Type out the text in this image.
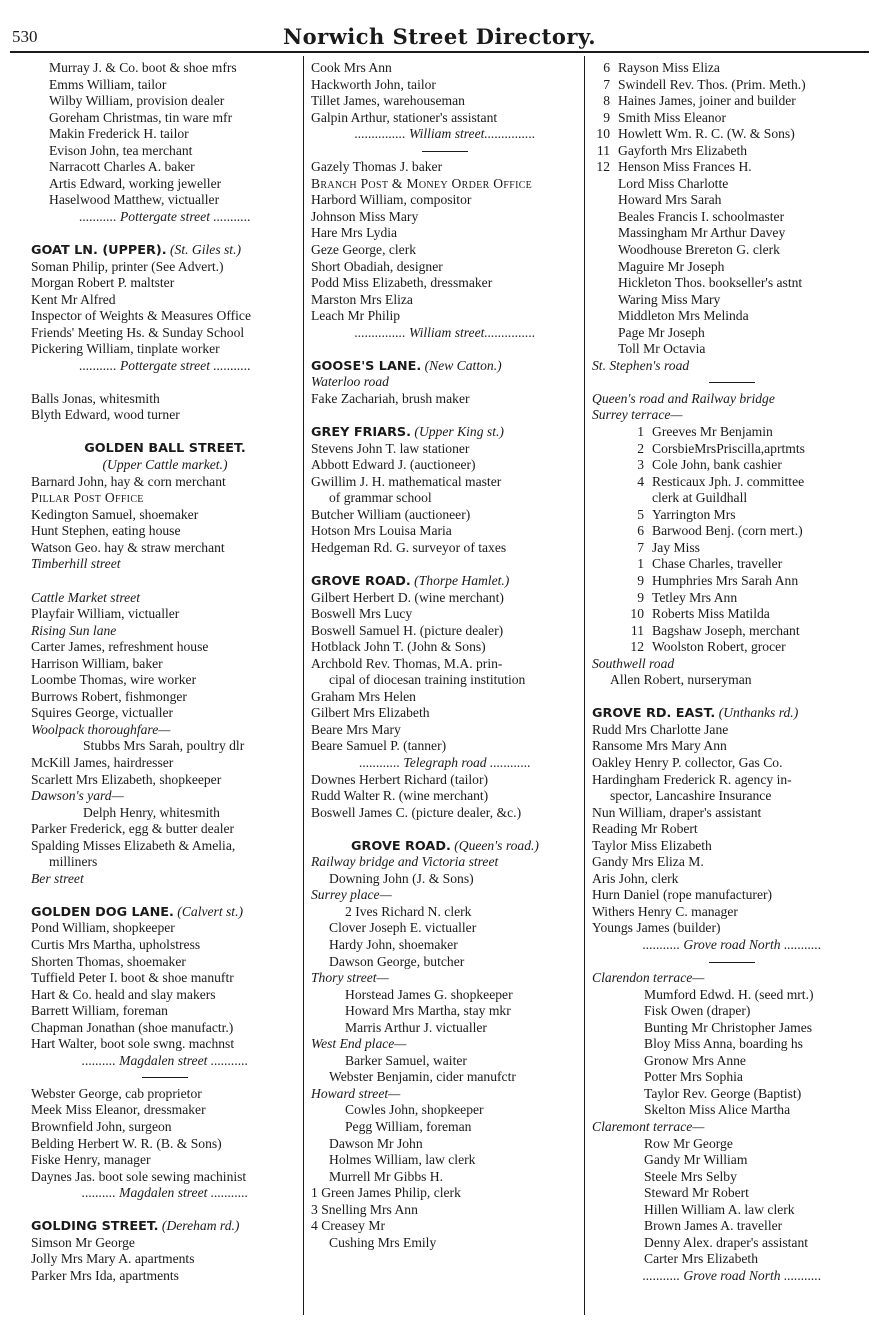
530	Norwich Street Directory.
Murray J. & Co. boot & shoe mfrs
Emms William, tailor
Wilby William, provision dealer
Goreham Christmas, tin ware mfr
Makin Frederick H. tailor
Evison John, tea merchant
Narracott Charles A. baker
Artis Edward, working jeweller
Haselwood Matthew, victualler
........... Pottergate street ...........
GOAT LN. (UPPER). (St. Giles st.)
Soman Philip, printer (See Advert.)
Morgan Robert P. maltster
Kent Mr Alfred
Inspector of Weights & Measures Office
Friends' Meeting Hs. & Sunday School
Pickering William, tinplate worker
........... Pottergate street ...........
Balls Jonas, whitesmith
Blyth Edward, wood turner
GOLDEN BALL STREET.
(Upper Cattle market.)
Barnard John, hay & corn merchant
Pillar Post Office
Kedington Samuel, shoemaker
Hunt Stephen, eating house
Watson Geo. hay & straw merchant
Timberhill street
Cattle Market street
Playfair William, victualler
Rising Sun lane
Carter James, refreshment house
Harrison William, baker
Loombe Thomas, wire worker
Burrows Robert, fishmonger
Squires George, victualler
Woolpack thoroughfare—
Stubbs Mrs Sarah, poultry dlr
McKill James, hairdresser
Scarlett Mrs Elizabeth, shopkeeper
Dawson's yard—
Delph Henry, whitesmith
Parker Frederick, egg & butter dealer
Spalding Misses Elizabeth & Amelia,
milliners
Ber street
GOLDEN DOG LANE. (Calvert st.)
Pond William, shopkeeper
Curtis Mrs Martha, upholstress
Shorten Thomas, shoemaker
Tuffield Peter I. boot & shoe manuftr
Hart & Co. heald and slay makers
Barrett William, foreman
Chapman Jonathan (shoe manufactr.)
Hart Walter, boot sole swng. machnst
.......... Magdalen street ...........
Webster George, cab proprietor
Meek Miss Eleanor, dressmaker
Brownfield John, surgeon
Belding Herbert W. R. (B. & Sons)
Fiske Henry, manager
Daynes Jas. boot sole sewing machinist
.......... Magdalen street ...........
GOLDING STREET. (Dereham rd.)
Simson Mr George
Jolly Mrs Mary A. apartments
Parker Mrs Ida, apartments
Cook Mrs Ann
Hackworth John, tailor
Tillet James, warehouseman
Galpin Arthur, stationer's assistant
............... William street...............
Gazely Thomas J. baker
Branch Post & Money Order Office
Harbord William, compositor
Johnson Miss Mary
Hare Mrs Lydia
Geze George, clerk
Short Obadiah, designer
Podd Miss Elizabeth, dressmaker
Marston Mrs Eliza
Leach Mr Philip
............... William street...............
GOOSE'S LANE. (New Catton.)
Waterloo road
Fake Zachariah, brush maker
GREY FRIARS. (Upper King st.)
Stevens John T. law stationer
Abbott Edward J. (auctioneer)
Gwillim J. H. mathematical master
of grammar school
Butcher William (auctioneer)
Hotson Mrs Louisa Maria
Hedgeman Rd. G. surveyor of taxes
GROVE ROAD. (Thorpe Hamlet.)
Gilbert Herbert D. (wine merchant)
Boswell Mrs Lucy
Boswell Samuel H. (picture dealer)
Hotblack John T. (John & Sons)
Archbold Rev. Thomas, M.A. prin-
cipal of diocesan training institution
Graham Mrs Helen
Gilbert Mrs Elizabeth
Beare Mrs Mary
Beare Samuel P. (tanner)
............ Telegraph road ............
Downes Herbert Richard (tailor)
Rudd Walter R. (wine merchant)
Boswell James C. (picture dealer, &c.)
GROVE ROAD. (Queen's road.)
Railway bridge and Victoria street
Downing John (J. & Sons)
Surrey place—
2 Ives Richard N. clerk
Clover Joseph E. victualler
Hardy John, shoemaker
Dawson George, butcher
Thory street—
Horstead James G. shopkeeper
Howard Mrs Martha, stay mkr
Marris Arthur J. victualler
West End place—
Barker Samuel, waiter
Webster Benjamin, cider manufctr
Howard street—
Cowles John, shopkeeper
Pegg William, foreman
Dawson Mr John
Holmes William, law clerk
Murrell Mr Gibbs H.
1 Green James Philip, clerk
3 Snelling Mrs Ann
4 Creasey Mr
Cushing Mrs Emily
6 Rayson Miss Eliza
7 Swindell Rev. Thos. (Prim. Meth.)
8 Haines James, joiner and builder
9 Smith Miss Eleanor
10 Howlett Wm. R. C. (W. & Sons)
11 Gayforth Mrs Elizabeth
12 Henson Miss Frances H.
Lord Miss Charlotte
Howard Mrs Sarah
Beales Francis I. schoolmaster
Massingham Mr Arthur Davey
Woodhouse Brereton G. clerk
Maguire Mr Joseph
Hickleton Thos. bookseller's astnt
Waring Miss Mary
Middleton Mrs Melinda
Page Mr Joseph
Toll Mr Octavia
St. Stephen's road
Queen's road and Railway bridge
Surrey terrace—
1 Greeves Mr Benjamin
2 CorsbieMrsPriscilla,aprtmts
3 Cole John, bank cashier
4 Resticaux Jph. J. committee
clerk at Guildhall
5 Yarrington Mrs
6 Barwood Benj. (corn mert.)
7 Jay Miss
1 Chase Charles, traveller
9 Humphries Mrs Sarah Ann
9 Tetley Mrs Ann
10 Roberts Miss Matilda
11 Bagshaw Joseph, merchant
12 Woolston Robert, grocer
Southwell road
Allen Robert, nurseryman
GROVE RD. EAST. (Unthanks rd.)
Rudd Mrs Charlotte Jane
Ransome Mrs Mary Ann
Oakley Henry P. collector, Gas Co.
Hardingham Frederick R. agency in-
spector, Lancashire Insurance
Nun William, draper's assistant
Reading Mr Robert
Taylor Miss Elizabeth
Gandy Mrs Eliza M.
Aris John, clerk
Hurn Daniel (rope manufacturer)
Withers Henry C. manager
Youngs James (builder)
........... Grove road North ...........
Clarendon terrace—
Mumford Edwd. H. (seed mrt.)
Fisk Owen (draper)
Bunting Mr Christopher James
Bloy Miss Anna, boarding hs
Gronow Mrs Anne
Potter Mrs Sophia
Taylor Rev. George (Baptist)
Skelton Miss Alice Martha
Claremont terrace—
Row Mr George
Gandy Mr William
Steele Mrs Selby
Steward Mr Robert
Hillen William A. law clerk
Brown James A. traveller
Denny Alex. draper's assistant
Carter Mrs Elizabeth
........... Grove road North ...........
